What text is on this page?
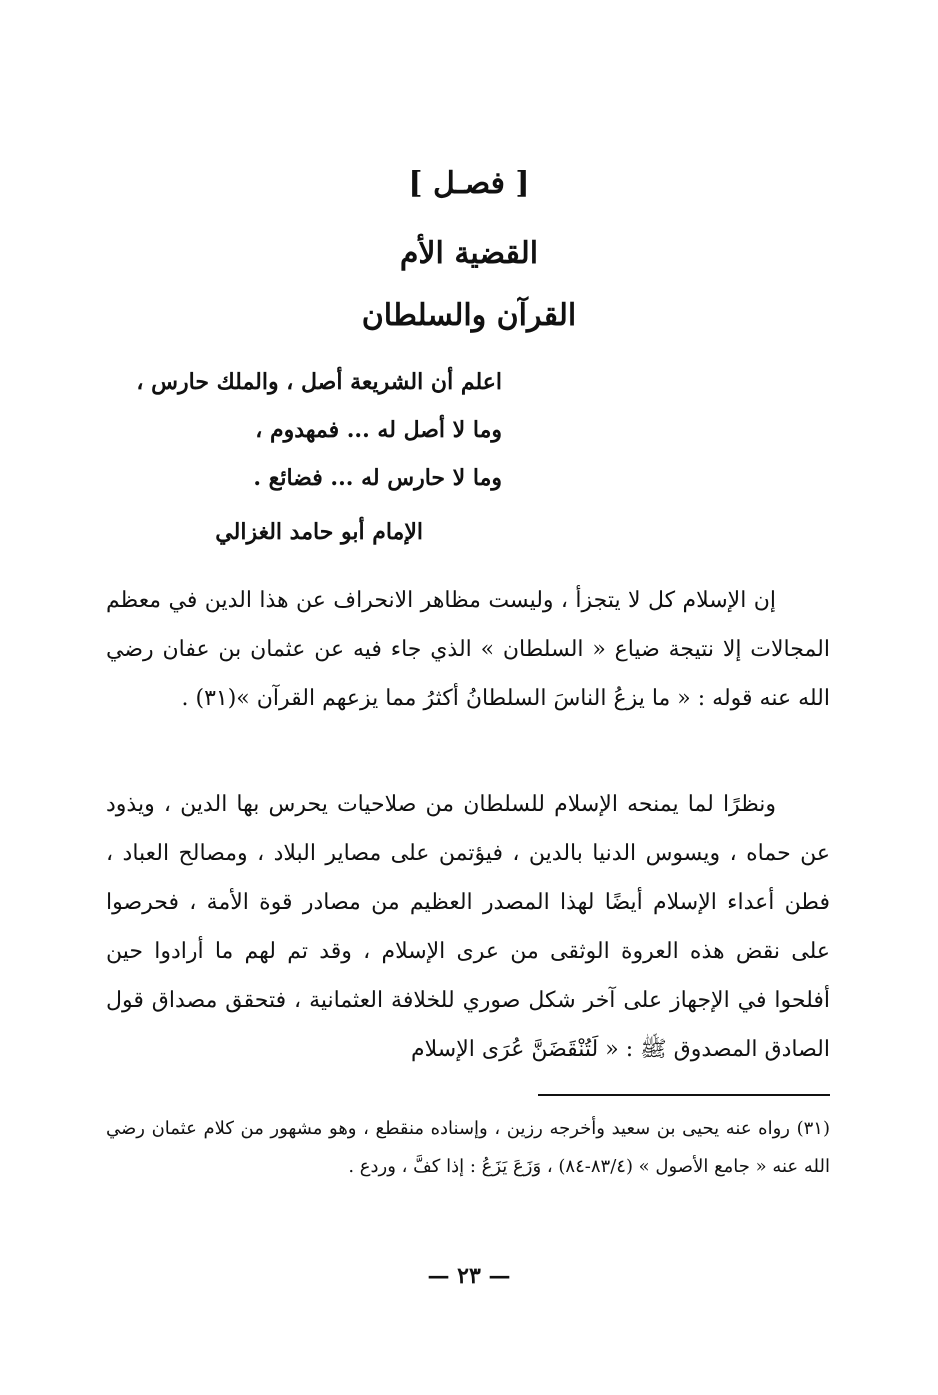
[ فصـل ]
القضية الأم
القرآن والسلطان
اعلم أن الشريعة أصل ، والملك حارس ،
وما لا أصل له ... فمهدوم ،
وما لا حارس له ... فضائع .
الإمام أبو حامد الغزالي
إن الإسلام كل لا يتجزأ ، وليست مظاهر الانحراف عن هذا الدين في معظم المجالات إلا نتيجة ضياع « السلطان » الذي جاء فيه عن عثمان بن عفان رضي الله عنه قوله : « ما يزعُ الناسَ السلطانُ أكثرُ مما يزعهم القرآن »(٣١) .
ونظرًا لما يمنحه الإسلام للسلطان من صلاحيات يحرس بها الدين ، ويذود عن حماه ، ويسوس الدنيا بالدين ، فيؤتمن على مصاير البلاد ، ومصالح العباد ، فطن أعداء الإسلام أيضًا لهذا المصدر العظيم من مصادر قوة الأمة ، فحرصوا على نقض هذه العروة الوثقى من عرى الإسلام ، وقد تم لهم ما أرادوا حين أفلحوا في الإجهاز على آخر شكل صوري للخلافة العثمانية ، فتحقق مصداق قول الصادق المصدوق ﷺ : « لَتُنْقَضَنَّ عُرَى الإسلام
(٣١) رواه عنه يحيى بن سعيد وأخرجه رزين ، وإسناده منقطع ، وهو مشهور من كلام عثمان رضي الله عنه « جامع الأصول » (٨٣/٤-٨٤) ، وَزَعَ يَزَعُ : إذا كفَّ ، وردع .
— ٢٣ —
